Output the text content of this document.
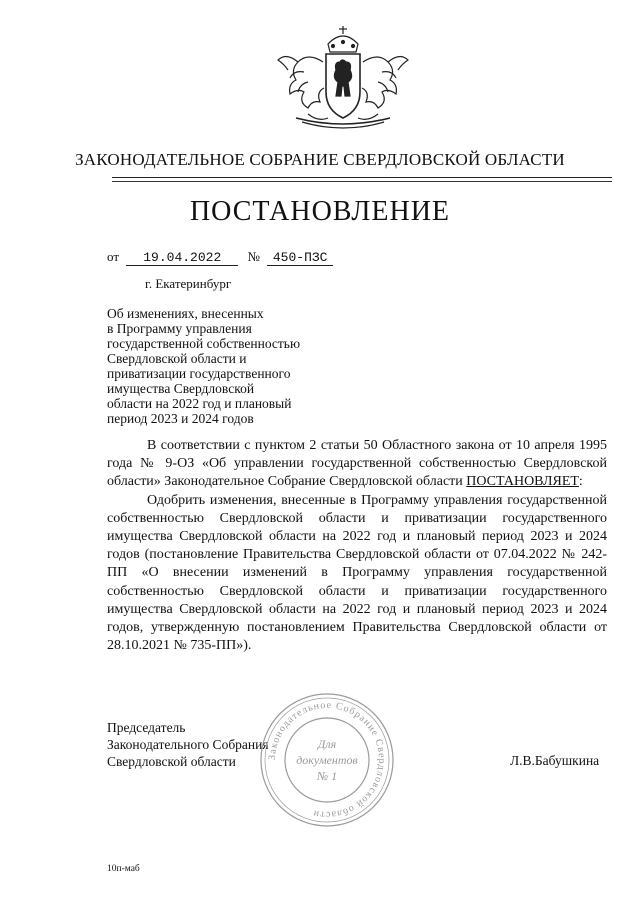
ЗАКОНОДАТЕЛЬНОЕ СОБРАНИЕ СВЕРДЛОВСКОЙ ОБЛАСТИ
ПОСТАНОВЛЕНИЕ
от 19.04.2022 № 450-ПЗС
г. Екатеринбург
Об изменениях, внесенных
в Программу управления
государственной собственностью
Свердловской области и
приватизации государственного
имущества Свердловской
области на 2022 год и плановый
период 2023 и 2024 годов

В соответствии с пунктом 2 статьи 50 Областного закона от 10 апреля 1995 года № 9-ОЗ «Об управлении государственной собственностью Свердловской области» Законодательное Собрание Свердловской области ПОСТАНОВЛЯЕТ:

Одобрить изменения, внесенные в Программу управления государственной собственностью Свердловской области и приватизации государственного имущества Свердловской области на 2022 год и плановый период 2023 и 2024 годов (постановление Правительства Свердловской области от 07.04.2022 № 242-ПП «О внесении изменений в Программу управления государственной собственностью Свердловской области и приватизации государственного имущества Свердловской области на 2022 год и плановый период 2023 и 2024 годов, утвержденную постановлением Правительства Свердловской области от 28.10.2021 № 735-ПП»).

Председатель
Законодательного Собрания
Свердловской области	Л.В.Бабушкина
Законодательное Собрание Свердловской области
Для
документов
№ 1
10п-маб
